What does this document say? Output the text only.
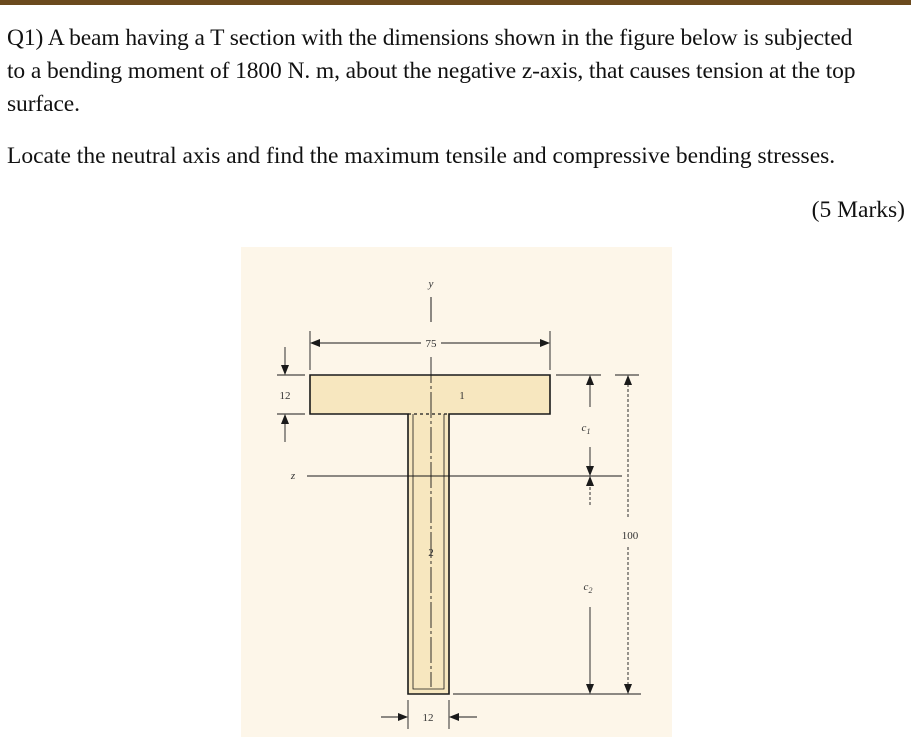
Q1) A beam having a T section with the dimensions shown in the figure below is subjected

to a bending moment of 1800 N. m, about the negative z-axis, that causes tension at the top

surface.

Locate the neutral axis and find the maximum tensile and compressive bending stresses.
(5 Marks)
y
z
75
12	1
2
$c_1$
$c_2$
100
12
